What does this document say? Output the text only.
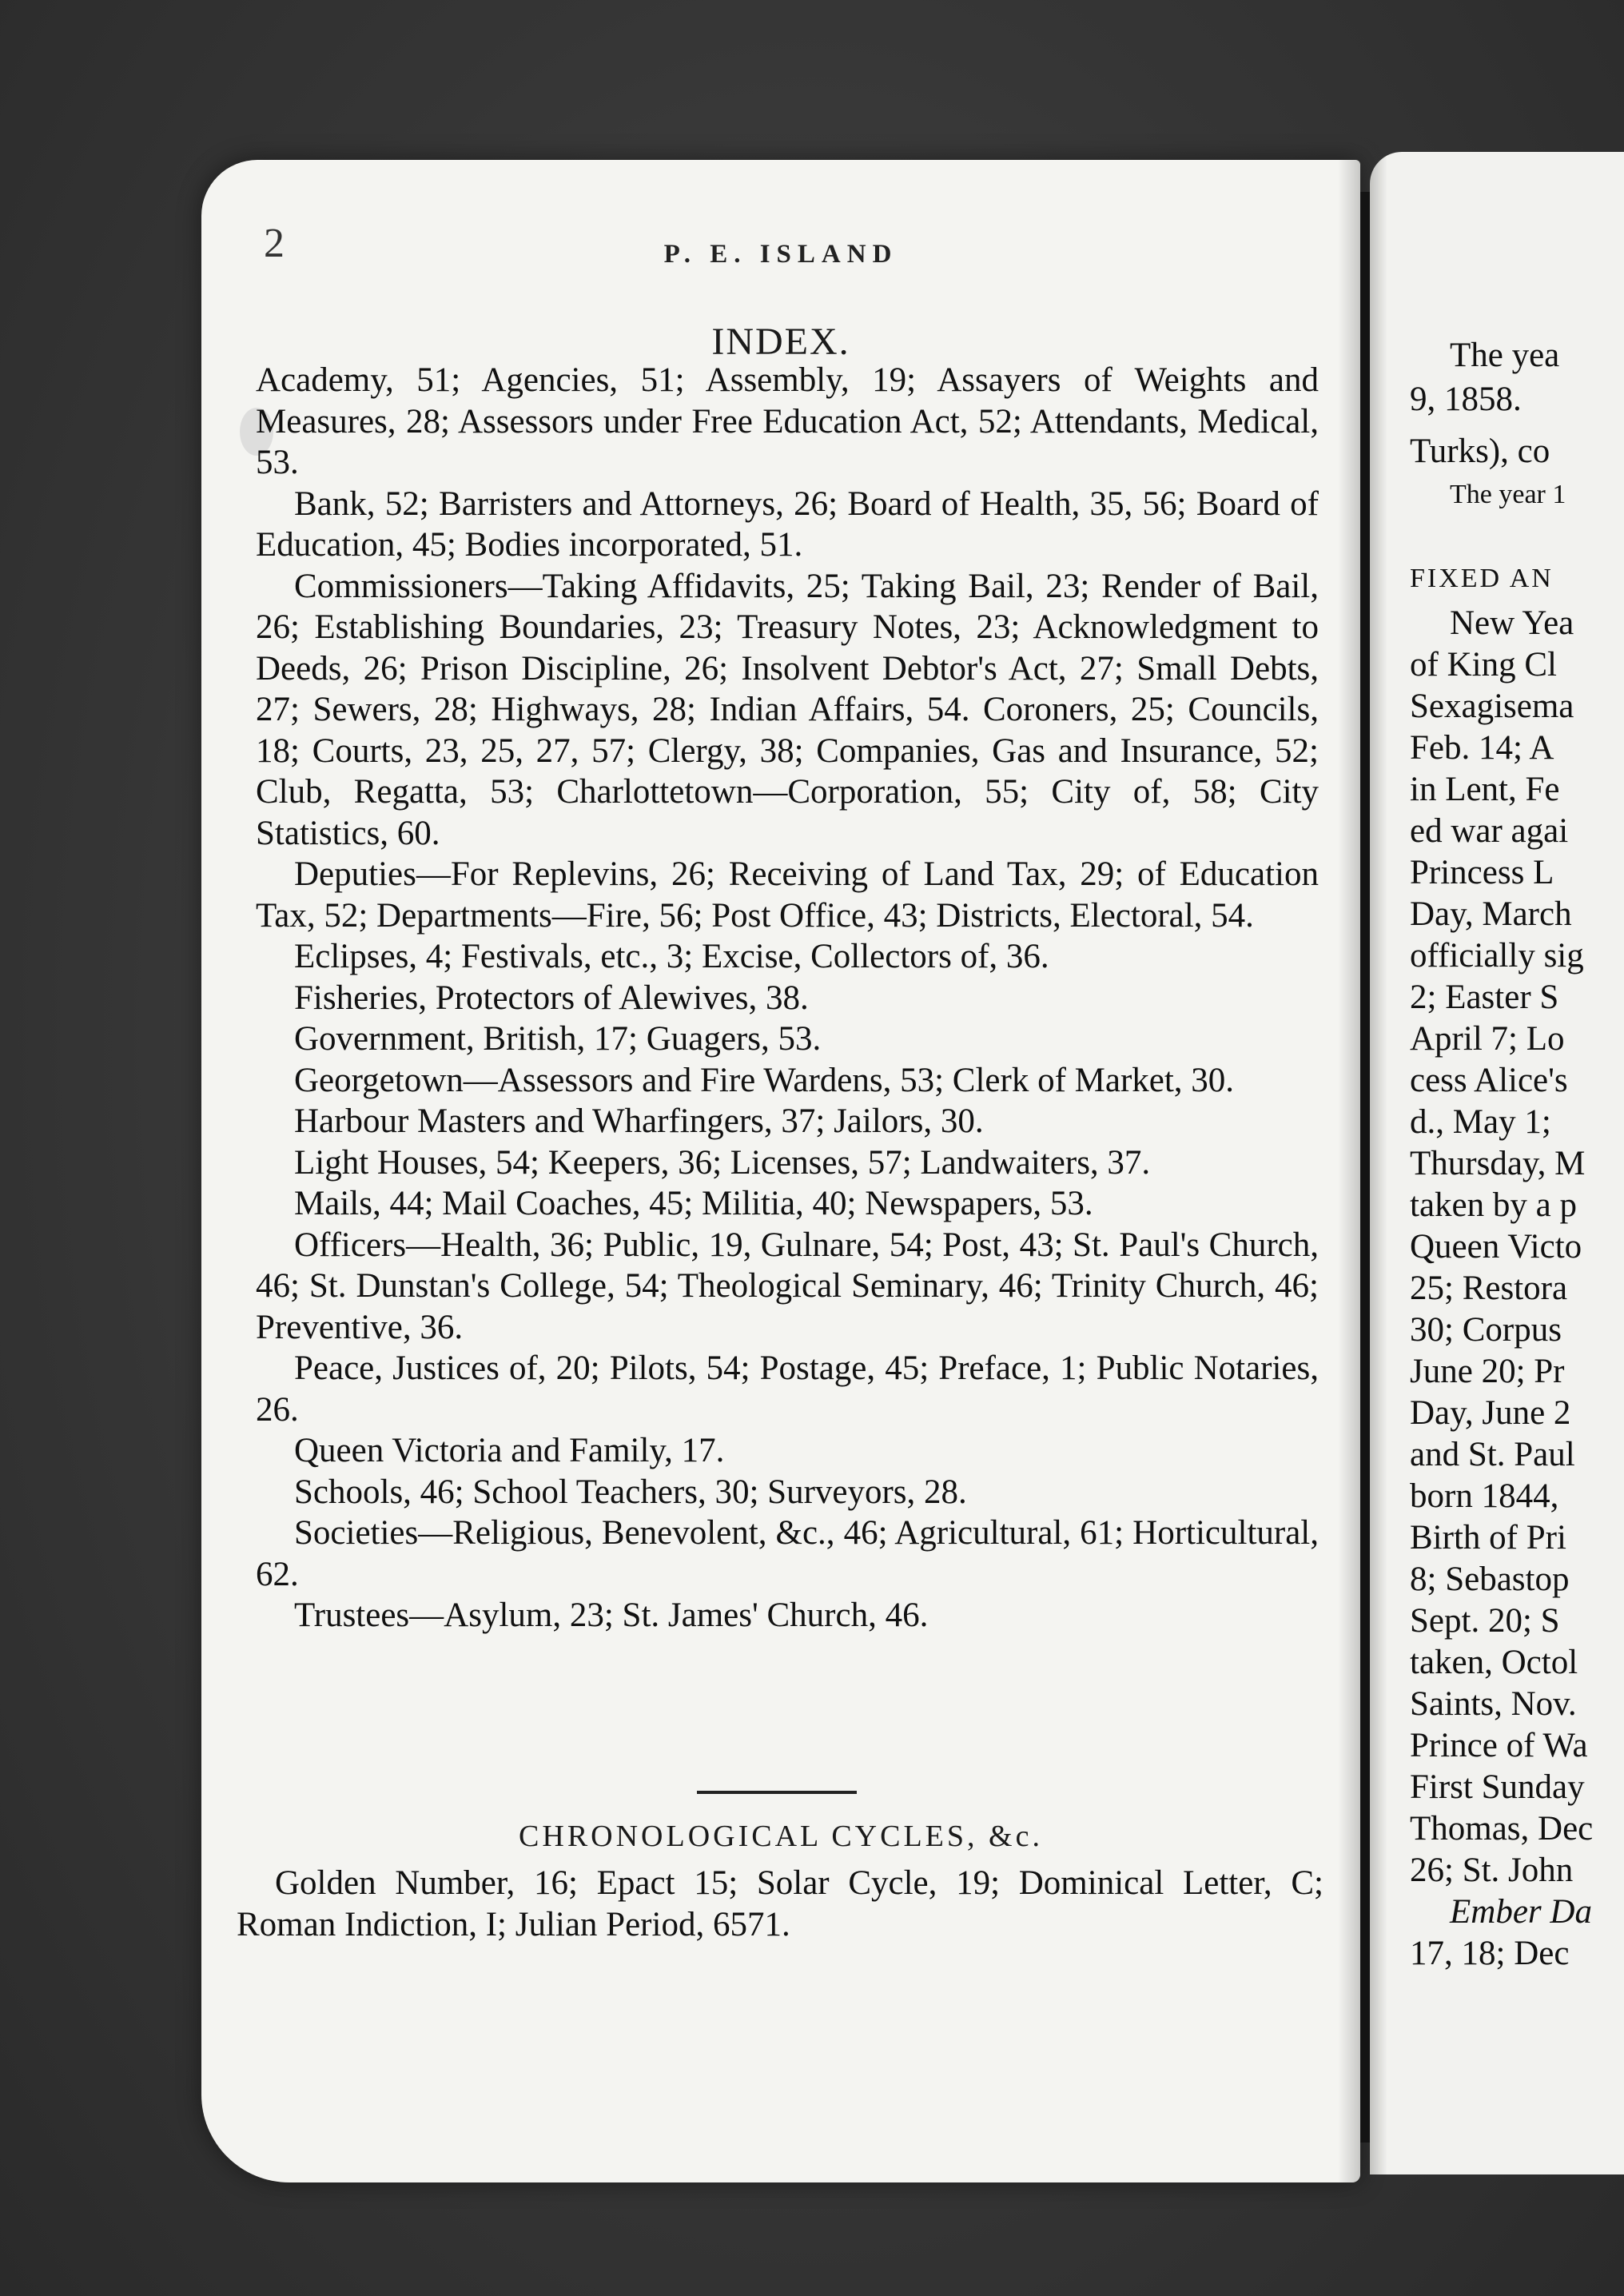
2	P. E. ISLAND
INDEX.

Academy, 51; Agencies, 51; Assembly, 19; Assayers of Weights and Measures, 28; Assessors under Free Education Act, 52; Attendants, Medical, 53.

Bank, 52; Barristers and Attorneys, 26; Board of Health, 35, 56; Board of Education, 45; Bodies incorporated, 51.

Commissioners—Taking Affidavits, 25; Taking Bail, 23; Render of Bail, 26; Establishing Boundaries, 23; Treasury Notes, 23; Acknowledgment to Deeds, 26; Prison Discipline, 26; Insolvent Debtor's Act, 27; Small Debts, 27; Sewers, 28; Highways, 28; Indian Affairs, 54. Coroners, 25; Councils, 18; Courts, 23, 25, 27, 57; Clergy, 38; Companies, Gas and Insurance, 52; Club, Regatta, 53; Charlottetown—Corporation, 55; City of, 58; City Statistics, 60.

Deputies—For Replevins, 26; Receiving of Land Tax, 29; of Education Tax, 52; Departments—Fire, 56; Post Office, 43; Districts, Electoral, 54.

Eclipses, 4; Festivals, etc., 3; Excise, Collectors of, 36.

Fisheries, Protectors of Alewives, 38.

Government, British, 17; Guagers, 53.

Georgetown—Assessors and Fire Wardens, 53; Clerk of Market, 30.

Harbour Masters and Wharfingers, 37; Jailors, 30.

Light Houses, 54; Keepers, 36; Licenses, 57; Landwaiters, 37.

Mails, 44; Mail Coaches, 45; Militia, 40; Newspapers, 53.

Officers—Health, 36; Public, 19, Gulnare, 54; Post, 43; St. Paul's Church, 46; St. Dunstan's College, 54; Theological Seminary, 46; Trinity Church, 46; Preventive, 36.

Peace, Justices of, 20; Pilots, 54; Postage, 45; Preface, 1; Public Notaries, 26.

Queen Victoria and Family, 17.

Schools, 46; School Teachers, 30; Surveyors, 28.

Societies—Religious, Benevolent, &c., 46; Agricultural, 61; Horticultural, 62.

Trustees—Asylum, 23; St. James' Church, 46.

CHRONOLOGICAL CYCLES, &c.

Golden Number, 16; Epact 15; Solar Cycle, 19; Dominical Letter, C; Roman Indiction, I; Julian Period, 6571.

The yea
9, 1858.
Turks), co
The year 1
FIXED AN
New Yea
of King Cl
Sexagisema
Feb. 14; A
in Lent, Fe
ed war agai
Princess L
Day, March
officially sig
2; Easter S
April 7; Lo
cess Alice's
d., May 1;
Thursday, M
taken by a p
Queen Victo
25; Restora
30; Corpus
June 20; Pr
Day, June 2
and St. Paul
born 1844,
Birth of Pri
8; Sebastop
Sept. 20; S
taken, Octol
Saints, Nov.
Prince of Wa
First Sunday
Thomas, Dec
26; St. John
Ember Da
17, 18; Dec
